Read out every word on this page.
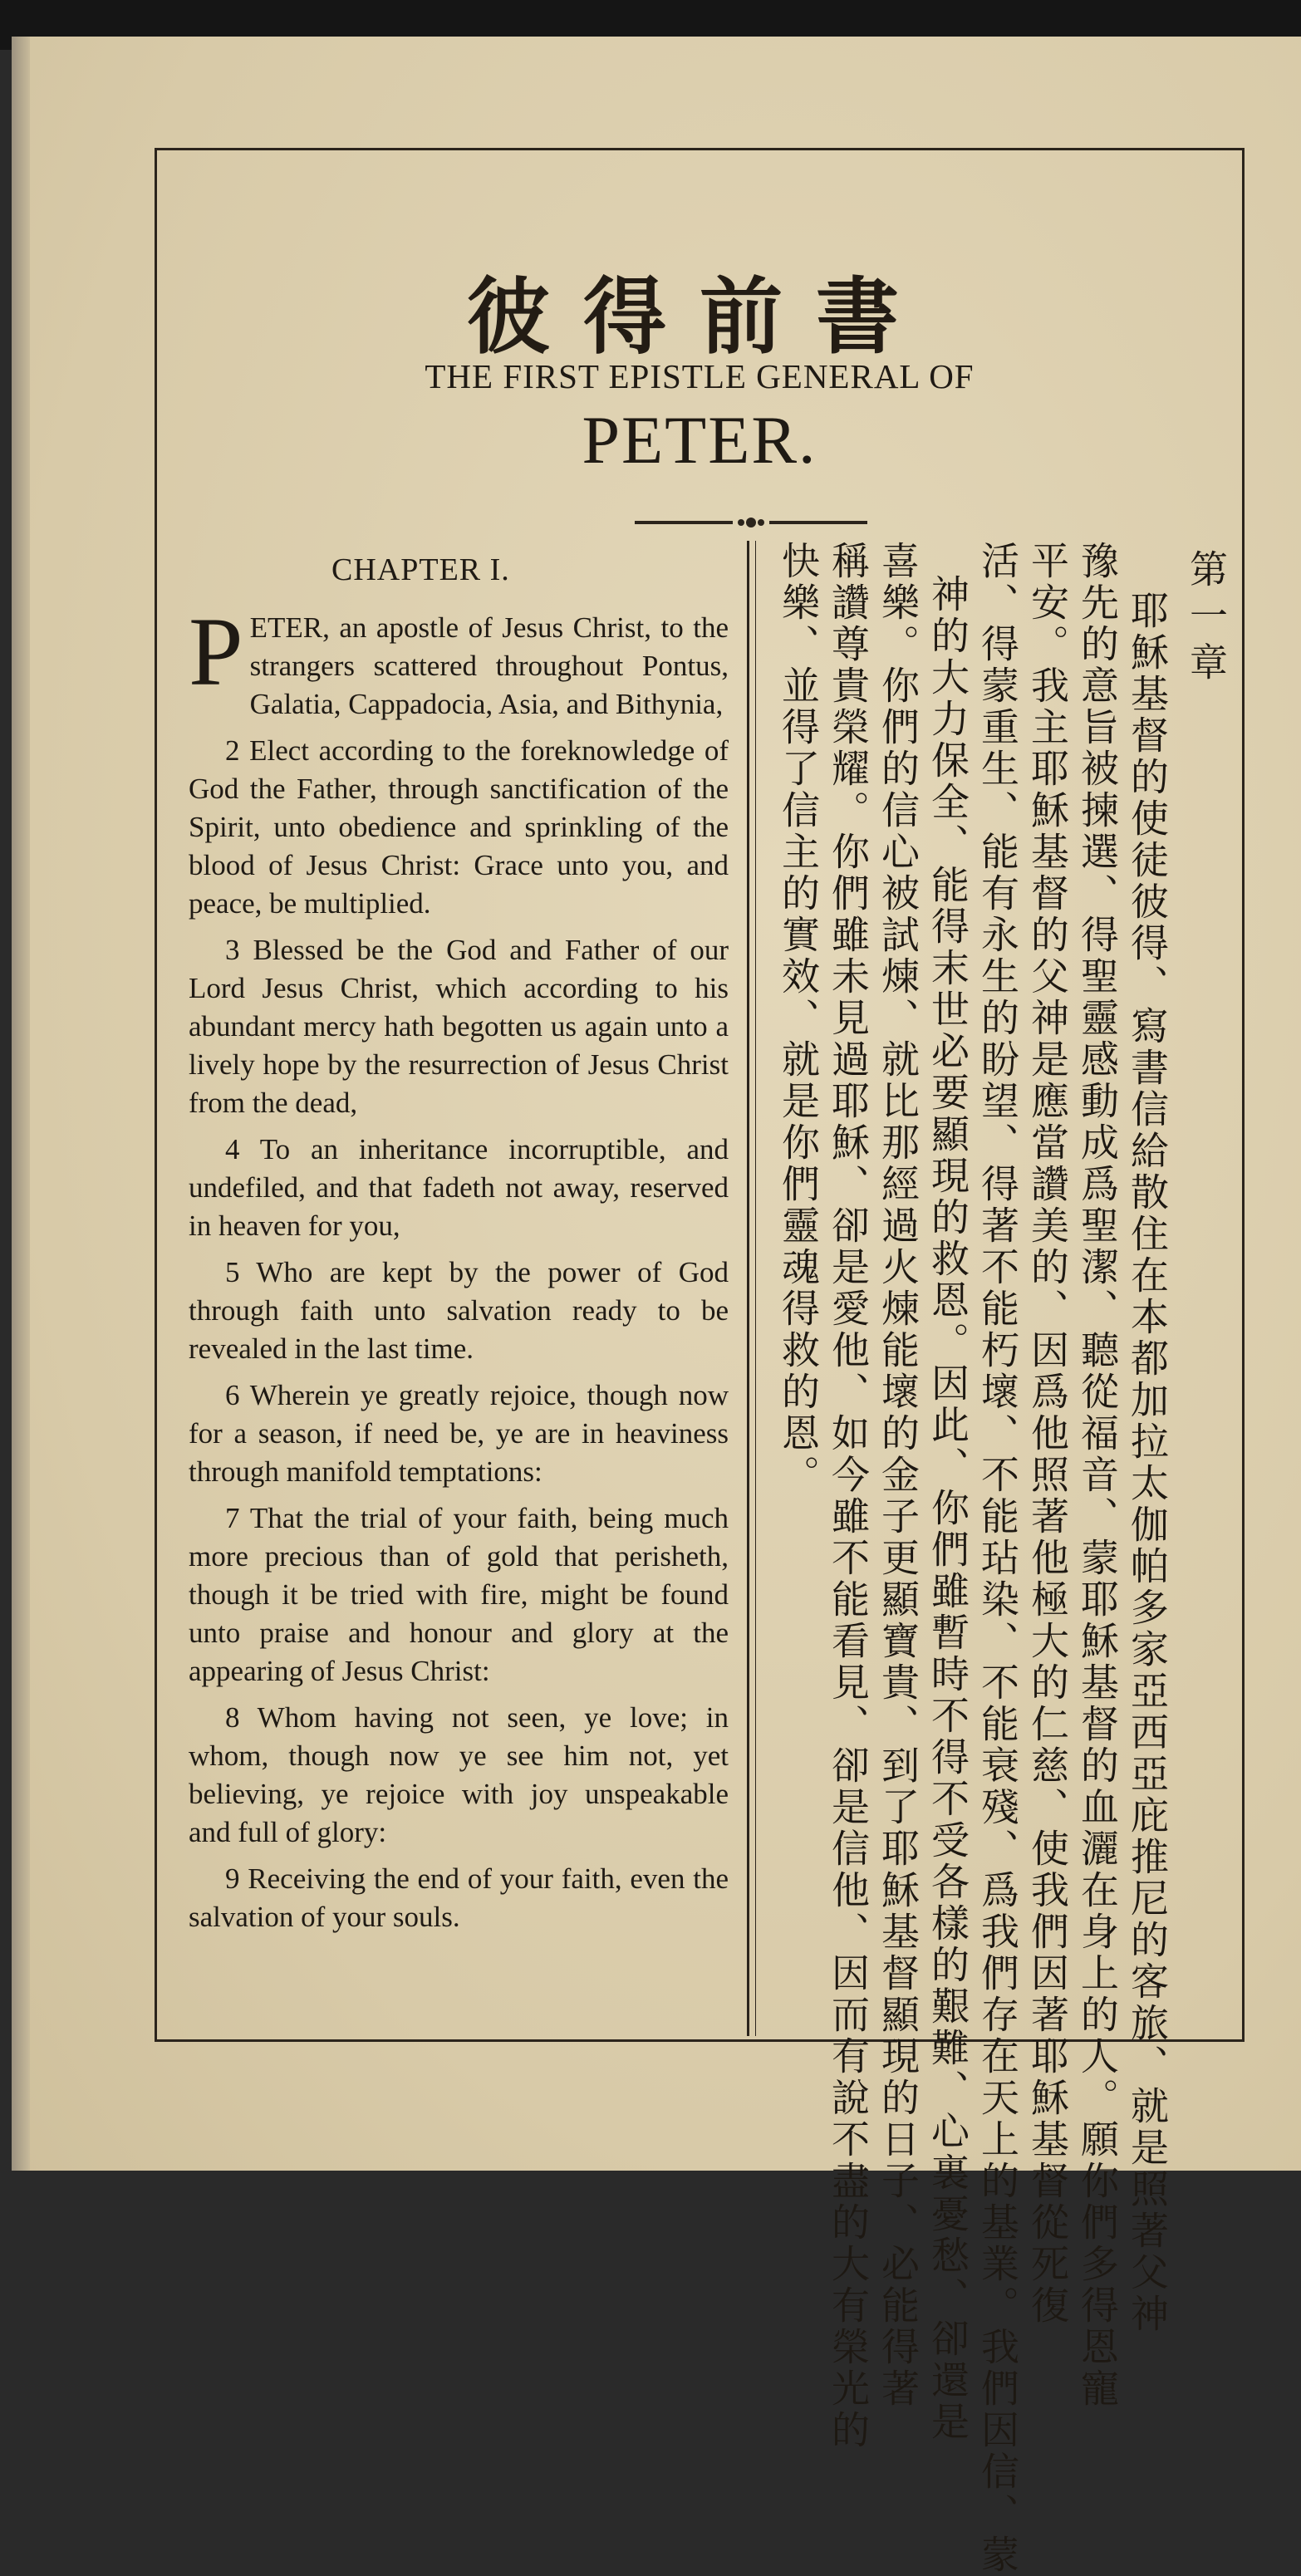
彼得前書
THE FIRST EPISTLE GENERAL OF
PETER.
CHAPTER I.

PETER, an apostle of Jesus Christ, to the strangers scattered throughout Pontus, Galatia, Cappadocia, Asia, and Bithynia,

2 Elect according to the foreknowledge of God the Father, through sanctification of the Spirit, unto obedience and sprinkling of the blood of Jesus Christ: Grace unto you, and peace, be multiplied.

3 Blessed be the God and Father of our Lord Jesus Christ, which according to his abundant mercy hath begotten us again unto a lively hope by the resurrection of Jesus Christ from the dead,

4 To an inheritance incorruptible, and undefiled, and that fadeth not away, reserved in heaven for you,

5 Who are kept by the power of God through faith unto salvation ready to be revealed in the last time.

6 Wherein ye greatly rejoice, though now for a season, if need be, ye are in heaviness through manifold temptations:

7 That the trial of your faith, being much more precious than of gold that perisheth, though it be tried with fire, might be found unto praise and honour and glory at the appearing of Jesus Christ:

8 Whom having not seen, ye love; in whom, though now ye see him not, yet believing, ye rejoice with joy unspeakable and full of glory:

9 Receiving the end of your faith, even the salvation of your souls.

第一章
耶穌基督的使徒彼得、寫書信給散住在本都加拉太伽帕多家亞西亞庇推尼的客旅、就是照著父神
豫先的意旨被揀選、得聖靈感動成爲聖潔、聽從福音、蒙耶穌基督的血灑在身上的人。願你們多得恩寵
平安。我主耶穌基督的父神是應當讚美的、因爲他照著他極大的仁慈、使我們因著耶穌基督從死復
活、得蒙重生、能有永生的盼望、得著不能朽壞、不能玷染、不能衰殘、爲我們存在天上的基業。我們因信、蒙
神的大力保全、能得末世必要顯現的救恩。因此、你們雖暫時不得不受各樣的艱難、心裏憂愁、卻還是
喜樂。你們的信心被試煉、就比那經過火煉能壞的金子更顯寶貴、到了耶穌基督顯現的日子、必能得著
稱讚尊貴榮耀。你們雖未見過耶穌、卻是愛他、如今雖不能看見、卻是信他、因而有說不盡的大有榮光的
快樂、並得了信主的實效、就是你們靈魂得救的恩。
